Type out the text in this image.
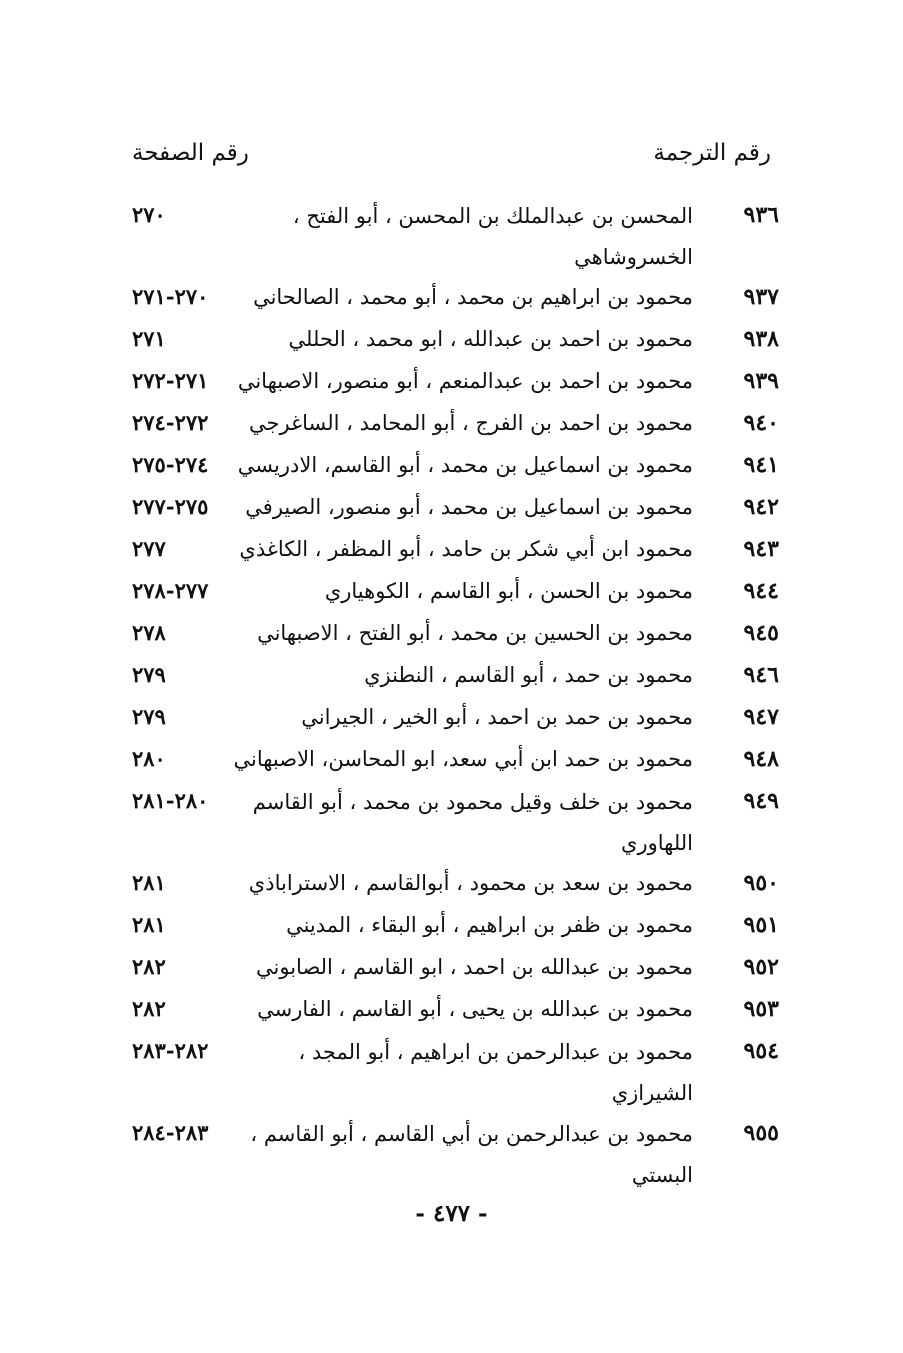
رقم الترجمة
رقم الصفحة
٩٣٦
المحسن بن عبدالملك بن المحسن ، أبو الفتح ، الخسروشاهي
٢٧٠
٩٣٧
محمود بن ابراهيم بن محمد ، أبو محمد ، الصالحاني
٢٧٠-٢٧١
٩٣٨
محمود بن احمد بن عبدالله ، ابو محمد ، الحللي
٢٧١
٩٣٩
محمود بن احمد بن عبدالمنعم ، أبو منصور، الاصبهاني
٢٧١-٢٧٢
٩٤٠
محمود بن احمد بن الفرج ، أبو المحامد ، الساغرجي
٢٧٢-٢٧٤
٩٤١
محمود بن اسماعيل بن محمد ، أبو القاسم، الادريسي
٢٧٤-٢٧٥
٩٤٢
محمود بن اسماعيل بن محمد ، أبو منصور، الصيرفي
٢٧٥-٢٧٧
٩٤٣
محمود ابن أبي شكر بن حامد ، أبو المظفر ، الكاغذي
٢٧٧
٩٤٤
محمود بن الحسن ، أبو القاسم ، الكوهياري
٢٧٧-٢٧٨
٩٤٥
محمود بن الحسين بن محمد ، أبو الفتح ، الاصبهاني
٢٧٨
٩٤٦
محمود بن حمد ، أبو القاسم ، النطنزي
٢٧٩
٩٤٧
محمود بن حمد بن احمد ، أبو الخير ، الجيراني
٢٧٩
٩٤٨
محمود بن حمد ابن أبي سعد، ابو المحاسن، الاصبهاني
٢٨٠
٩٤٩
محمود بن خلف وقيل محمود بن محمد ، أبو القاسم اللهاوري
٢٨٠-٢٨١
٩٥٠
محمود بن سعد بن محمود ، أبوالقاسم ، الاستراباذي
٢٨١
٩٥١
محمود بن ظفر بن ابراهيم ، أبو البقاء ، المديني
٢٨١
٩٥٢
محمود بن عبدالله بن احمد ، ابو القاسم ، الصابوني
٢٨٢
٩٥٣
محمود بن عبدالله بن يحيى ، أبو القاسم ، الفارسي
٢٨٢
٩٥٤
محمود بن عبدالرحمن بن ابراهيم ، أبو المجد ، الشيرازي
٢٨٢-٢٨٣
٩٥٥
محمود بن عبدالرحمن بن أبي القاسم ، أبو القاسم ، البستي
٢٨٣-٢٨٤
- ٤٧٧ -
